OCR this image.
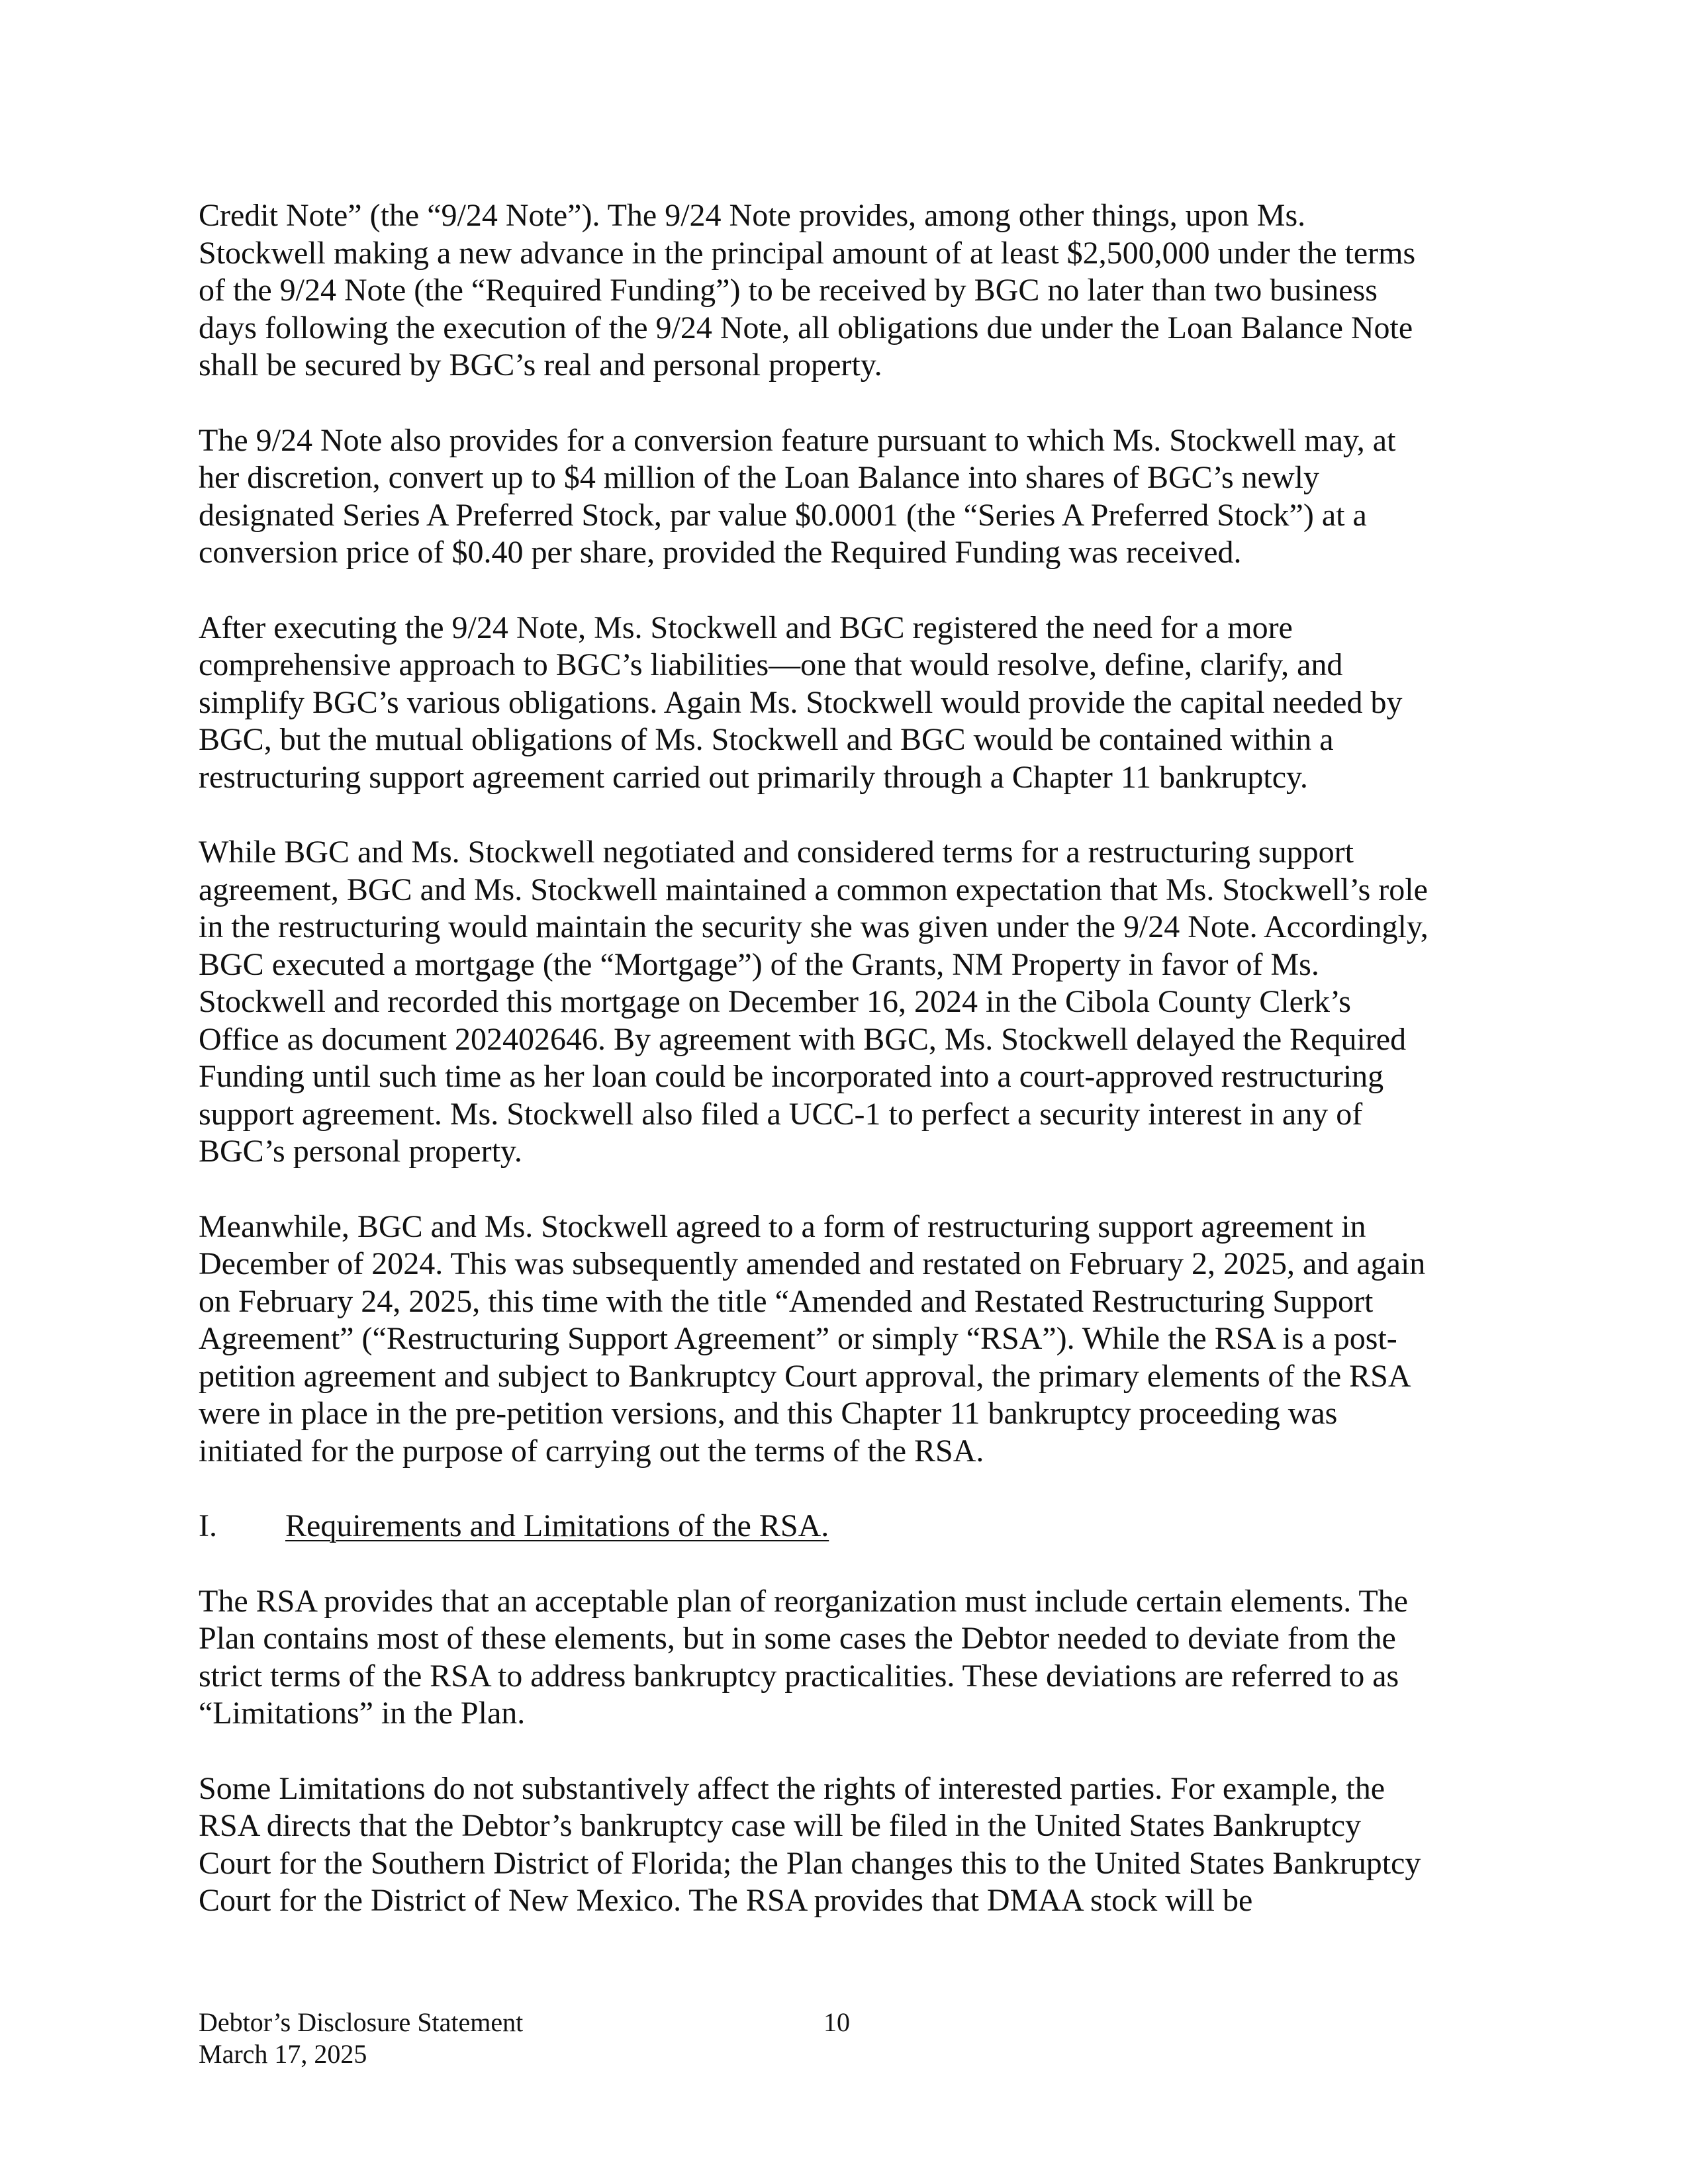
Credit Note” (the “9/24 Note”). The 9/24 Note provides, among other things, upon Ms.
Stockwell making a new advance in the principal amount of at least $2,500,000 under the terms
of the 9/24 Note (the “Required Funding”) to be received by BGC no later than two business
days following the execution of the 9/24 Note, all obligations due under the Loan Balance Note
shall be secured by BGC’s real and personal property.

The 9/24 Note also provides for a conversion feature pursuant to which Ms. Stockwell may, at
her discretion, convert up to $4 million of the Loan Balance into shares of BGC’s newly
designated Series A Preferred Stock, par value $0.0001 (the “Series A Preferred Stock”) at a
conversion price of $0.40 per share, provided the Required Funding was received.

After executing the 9/24 Note, Ms. Stockwell and BGC registered the need for a more
comprehensive approach to BGC’s liabilities—one that would resolve, define, clarify, and
simplify BGC’s various obligations. Again Ms. Stockwell would provide the capital needed by
BGC, but the mutual obligations of Ms. Stockwell and BGC would be contained within a
restructuring support agreement carried out primarily through a Chapter 11 bankruptcy.

While BGC and Ms. Stockwell negotiated and considered terms for a restructuring support
agreement, BGC and Ms. Stockwell maintained a common expectation that Ms. Stockwell’s role
in the restructuring would maintain the security she was given under the 9/24 Note. Accordingly,
BGC executed a mortgage (the “Mortgage”) of the Grants, NM Property in favor of Ms.
Stockwell and recorded this mortgage on December 16, 2024 in the Cibola County Clerk’s
Office as document 202402646. By agreement with BGC, Ms. Stockwell delayed the Required
Funding until such time as her loan could be incorporated into a court-approved restructuring
support agreement. Ms. Stockwell also filed a UCC-1 to perfect a security interest in any of
BGC’s personal property.

Meanwhile, BGC and Ms. Stockwell agreed to a form of restructuring support agreement in
December of 2024. This was subsequently amended and restated on February 2, 2025, and again
on February 24, 2025, this time with the title “Amended and Restated Restructuring Support
Agreement” (“Restructuring Support Agreement” or simply “RSA”). While the RSA is a post-
petition agreement and subject to Bankruptcy Court approval, the primary elements of the RSA
were in place in the pre-petition versions, and this Chapter 11 bankruptcy proceeding was
initiated for the purpose of carrying out the terms of the RSA.

I. Requirements and Limitations of the RSA.

The RSA provides that an acceptable plan of reorganization must include certain elements. The
Plan contains most of these elements, but in some cases the Debtor needed to deviate from the
strict terms of the RSA to address bankruptcy practicalities. These deviations are referred to as
“Limitations” in the Plan.

Some Limitations do not substantively affect the rights of interested parties. For example, the
RSA directs that the Debtor’s bankruptcy case will be filed in the United States Bankruptcy
Court for the Southern District of Florida; the Plan changes this to the United States Bankruptcy
Court for the District of New Mexico. The RSA provides that DMAA stock will be

Debtor’s Disclosure Statement
March 17, 2025
10
